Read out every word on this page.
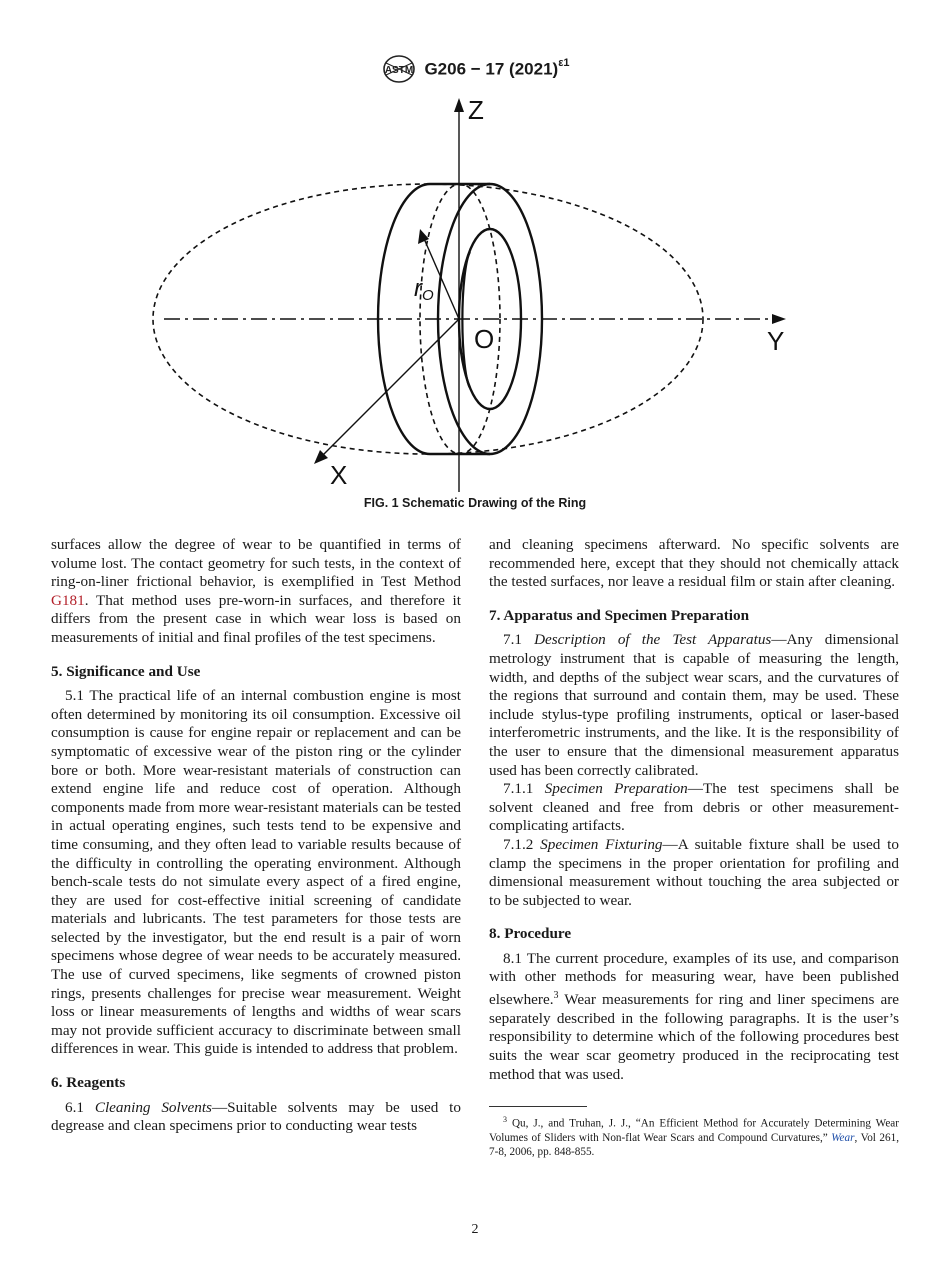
ASTM G206 − 17 $(2021)^{\varepsilon 1}$
Z
Y
X
O
rO
FIG. 1 Schematic Drawing of the Ring

surfaces allow the degree of wear to be quantified in terms of volume lost. The contact geometry for such tests, in the context of ring-on-liner frictional behavior, is exemplified in Test Method G181. That method uses pre-worn-in surfaces, and therefore it differs from the present case in which wear loss is based on measurements of initial and final profiles of the test specimens.

5. Significance and Use

5.1 The practical life of an internal combustion engine is most often determined by monitoring its oil consumption. Excessive oil consumption is cause for engine repair or replacement and can be symptomatic of excessive wear of the piston ring or the cylinder bore or both. More wear-resistant materials of construction can extend engine life and reduce cost of operation. Although components made from more wear-resistant materials can be tested in actual operating engines, such tests tend to be expensive and time consuming, and they often lead to variable results because of the difficulty in controlling the operating environment. Although bench-scale tests do not simulate every aspect of a fired engine, they are used for cost-effective initial screening of candidate materials and lubricants. The test parameters for those tests are selected by the investigator, but the end result is a pair of worn specimens whose degree of wear needs to be accurately measured. The use of curved specimens, like segments of crowned piston rings, presents challenges for precise wear measurement. Weight loss or linear measurements of lengths and widths of wear scars may not provide sufficient accuracy to discriminate between small differences in wear. This guide is intended to address that problem.

6. Reagents

6.1 Cleaning Solvents—Suitable solvents may be used to degrease and clean specimens prior to conducting wear tests

and cleaning specimens afterward. No specific solvents are recommended here, except that they should not chemically attack the tested surfaces, nor leave a residual film or stain after cleaning.

7. Apparatus and Specimen Preparation

7.1 Description of the Test Apparatus—Any dimensional metrology instrument that is capable of measuring the length, width, and depths of the subject wear scars, and the curvatures of the regions that surround and contain them, may be used. These include stylus-type profiling instruments, optical or laser-based interferometric instruments, and the like. It is the responsibility of the user to ensure that the dimensional measurement apparatus used has been correctly calibrated.

7.1.1 Specimen Preparation—The test specimens shall be solvent cleaned and free from debris or other measurement-complicating artifacts.

7.1.2 Specimen Fixturing—A suitable fixture shall be used to clamp the specimens in the proper orientation for profiling and dimensional measurement without touching the area subjected or to be subjected to wear.

8. Procedure

8.1 The current procedure, examples of its use, and comparison with other methods for measuring wear, have been published elsewhere.$^3$ Wear measurements for ring and liner specimens are separately described in the following paragraphs. It is the user’s responsibility to determine which of the following procedures best suits the wear scar geometry produced in the reciprocating test method that was used.

$^3$ Qu, J., and Truhan, J. J., “An Efficient Method for Accurately Determining Wear Volumes of Sliders with Non-flat Wear Scars and Compound Curvatures,” Wear, Vol 261, 7-8, 2006, pp. 848-855.

2
